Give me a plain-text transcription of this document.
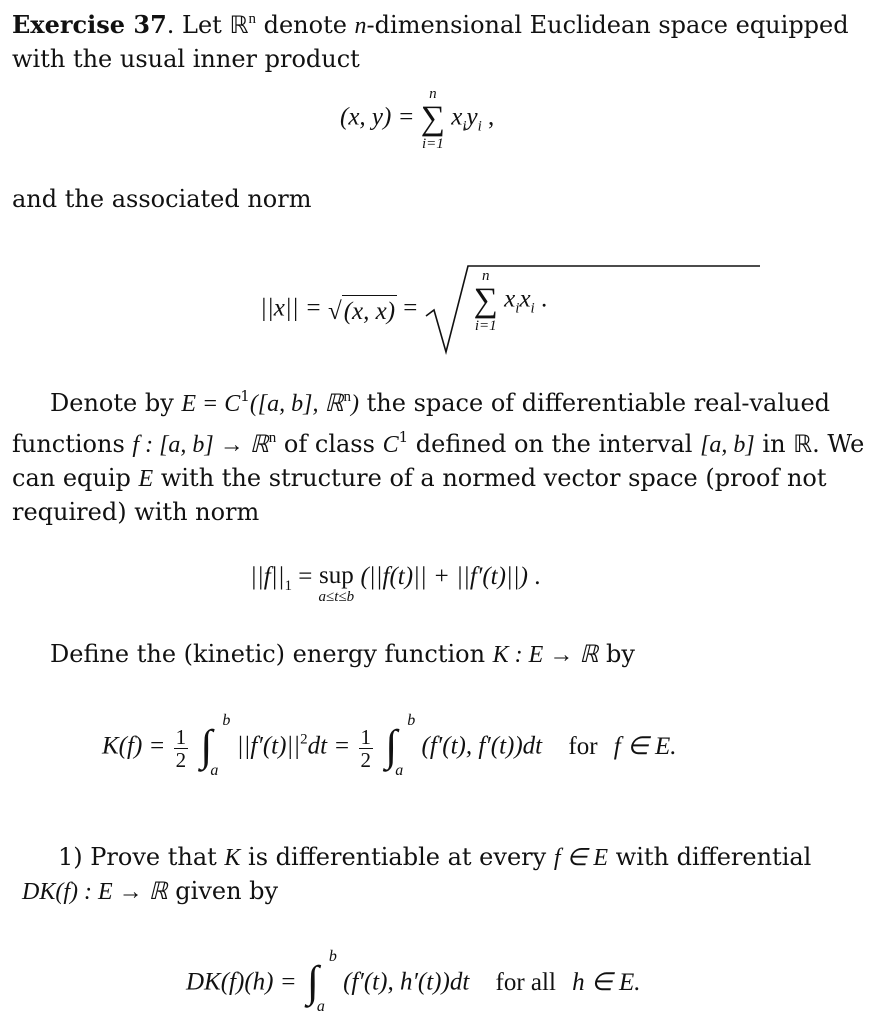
Exercise 37. Let ℝ$^n$ denote n-dimensional Euclidean space equipped with the usual inner product
(x, y) =
n
∑
i=1
$x_iy_i$ ,
and the associated norm
||x|| = √(x, x) =
n
∑
i=1
$x_ix_i$ .
Denote by $E = C^1([a$, b], ℝ$^n$) the space of differentiable real-valued functions f : [a, b] → ℝ$^n$ of class $C^1$ defined on the interval [a, b] in ℝ. We can equip E with the structure of a normed vector space (proof not required) with norm
$||f||_1$ = sup
a≤t≤b
(||f(t)|| + ||f′(t)||) .
Define the (kinetic) energy function K : E → ℝ by
$K(f) = \frac{1}{2}$
∫
b
a
$||f'(t)||^2dt = \frac{1}{2}$
∫
b
a
(f′(t), f′(t))dt for f ∈ E.
1) Prove that K is differentiable at every f ∈ E with differential
DK(f) : E → ℝ given by
DK(f)(h) = ∫
b
a
(f′(t), h′(t))dt for all h ∈ E.
